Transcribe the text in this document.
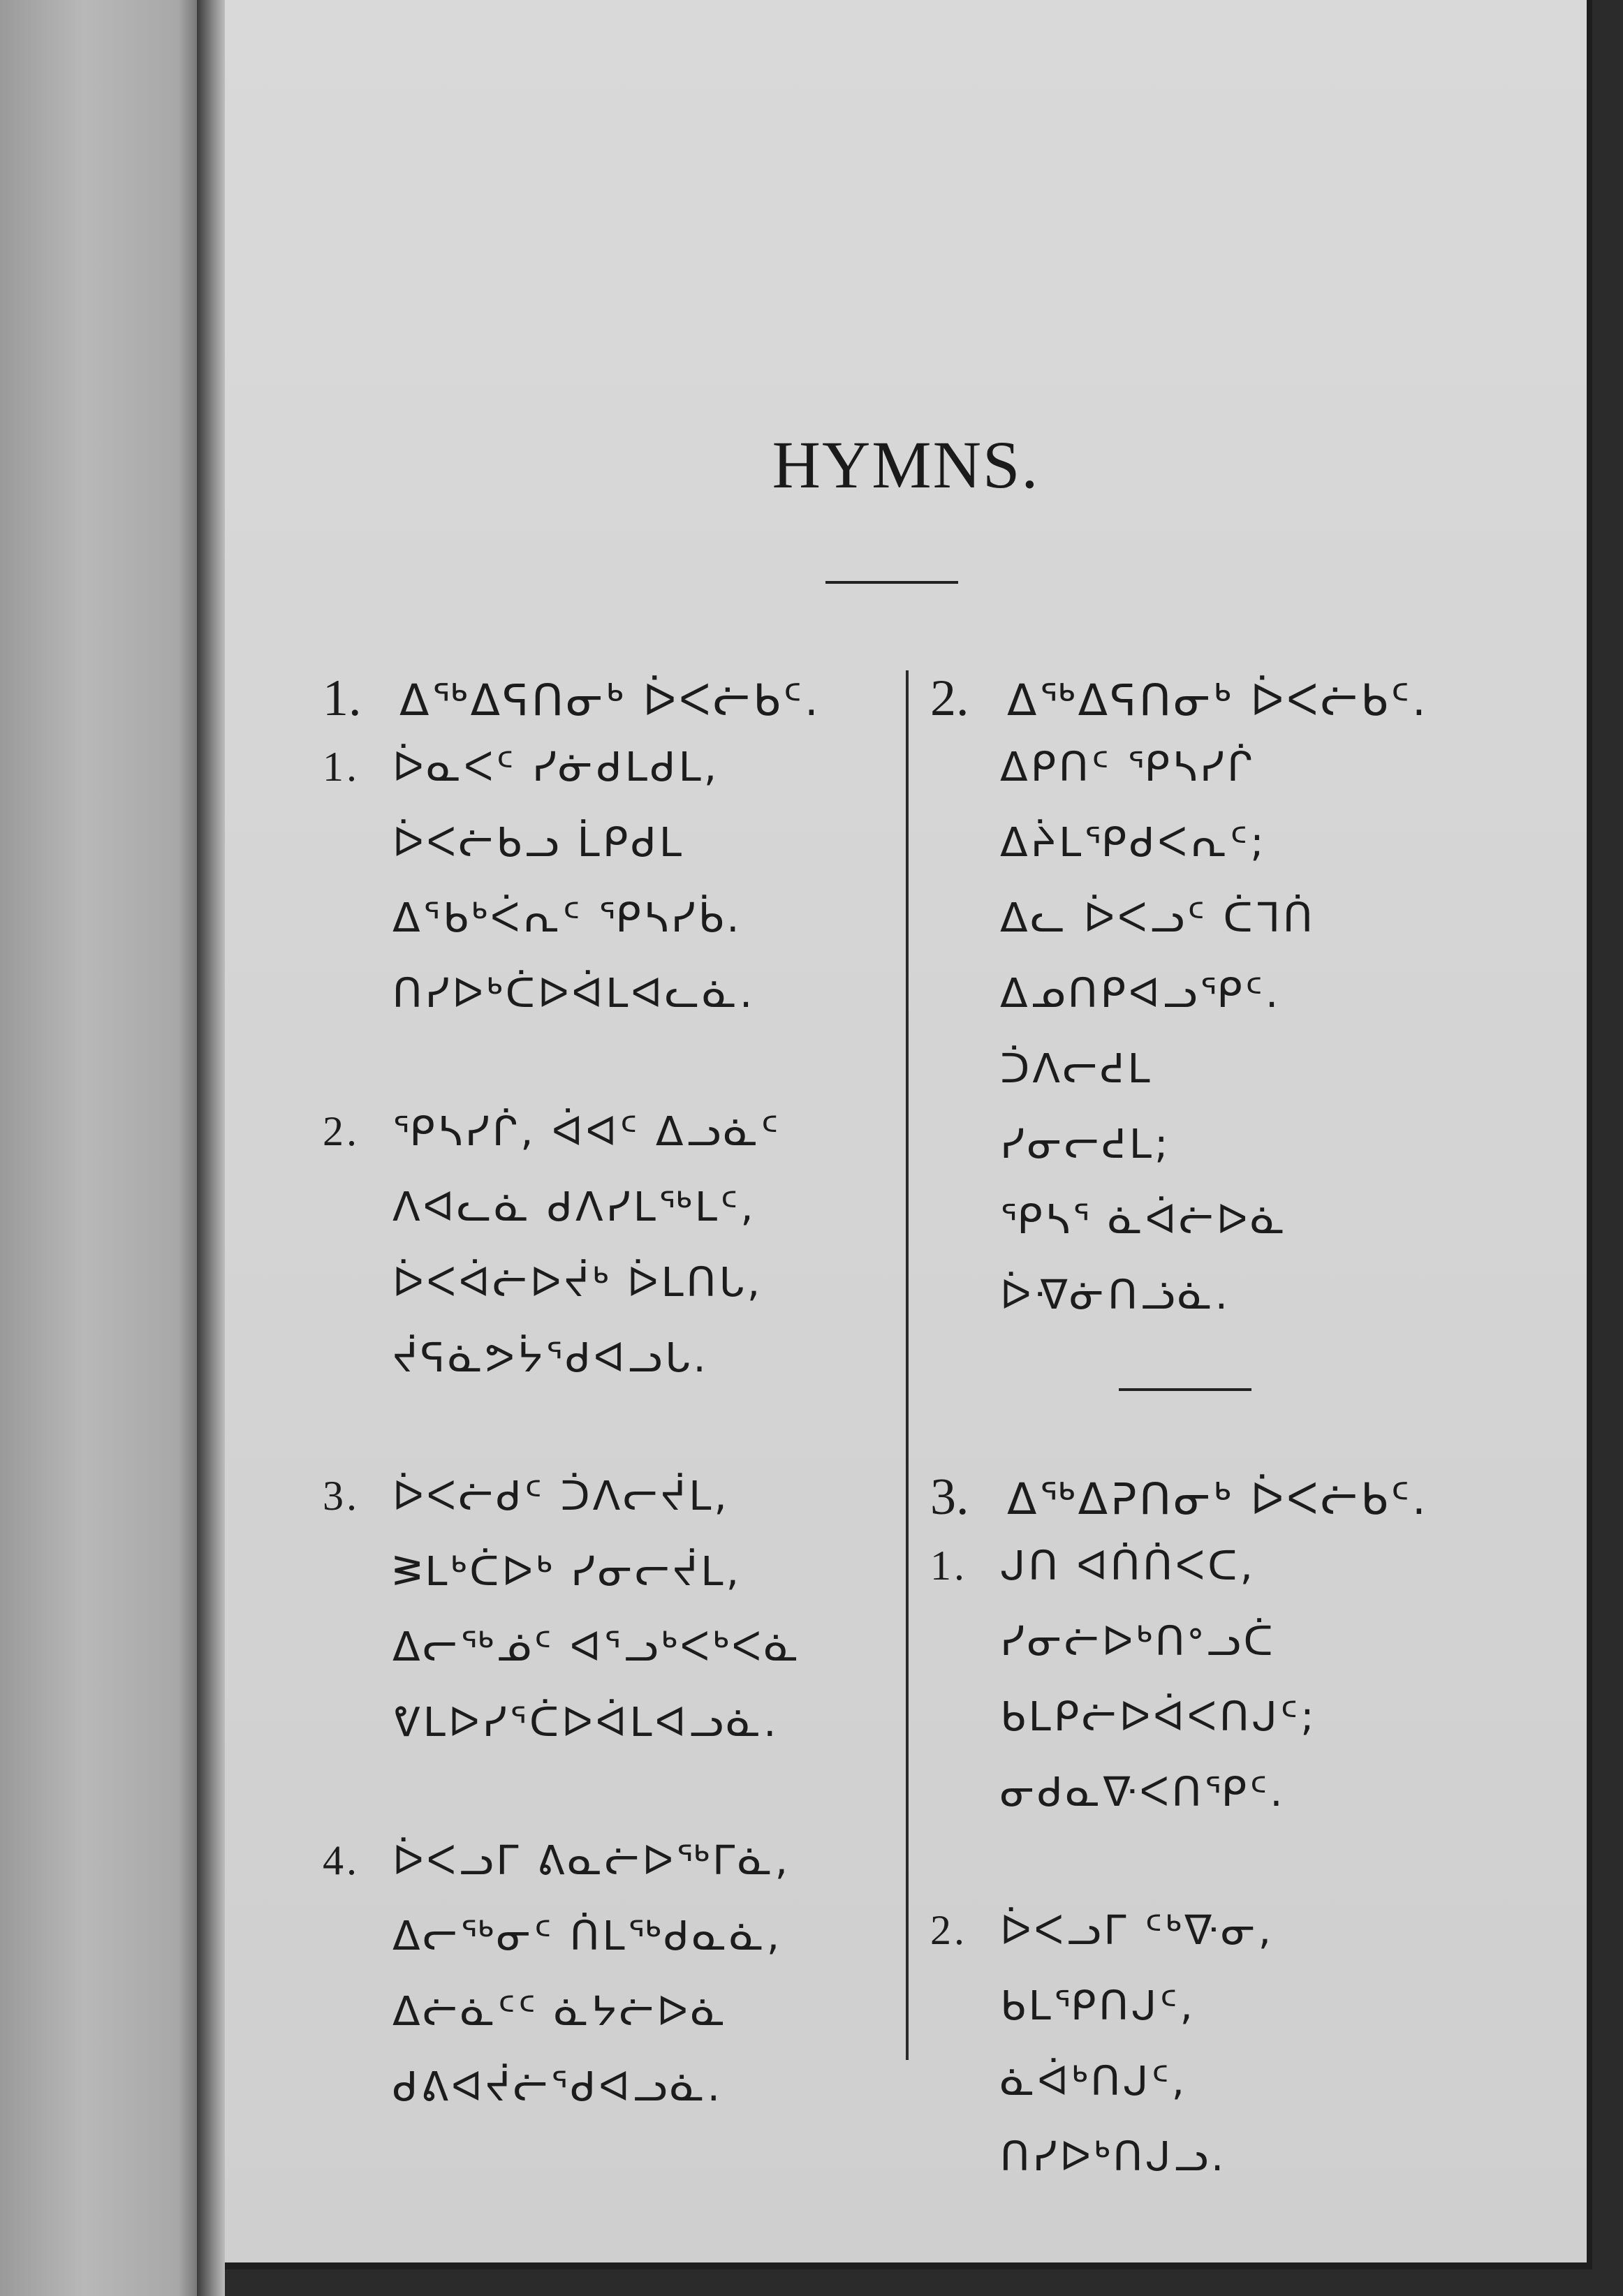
HYMNS.
1. ᐃᖅᐃᕋᑎᓂᒃ ᐆᐸᓖᑲᑦ.
1. ᐆᓇᐸᑦ ᓯᓃᑯᒪᑯᒪ,
ᐆᐸᓖᑲᓗ ᒫᑭᑯᒪ
ᐃᕐᑲᒃᐹᕆᑦ ᕿᓴᓯᑳ.
ᑎᓯᐅᒃᑖᐅᐋᒪᐊᓚᓈ.
2. ᕿᓴᓯᒌ, ᐋᐊᑦ ᐃᓗᓈᑦ
ᐱᐊᓚᓈ ᑯᐱᓯᒪᖅᒪᑦ,
ᐆᐸᐋᓖᐅᔫᒃ ᐆᒪᑎᒐ,
ᔫᕋᓈᕗᔮᕐᑯᐊᓗᒐ.
3. ᐆᐸᓖᑯᑦ ᑑᐱᓕᔫᒪ,
ᕒᒪᒃᑖᐅᒃ ᓯᓂᓕᔫᒪ,
ᐃᓕᖅᓅᑦ ᐊᕐᓗᒃᐸᒃᐸᓈ
ᕓᒪᐅᓯᕐᑖᐅᐋᒪᐊᓗᓈ.
4. ᐆᐸᓗᒥ ᕕᓇᓖᐅᖅᒥᓈ,
ᐃᓕᖅᓂᑦ ᑏᒪᖅᑯᓇᓈ,
ᐃᓖᓈᑦᑦ ᓈᔭᓖᐅᓈ
ᑯᕕᐊᔫᓖᕐᑯᐊᓗᓈ.
2. ᐃᖅᐃᕋᑎᓂᒃ ᐆᐸᓖᑲᑦ.
ᐃᑭᑎᑦ ᕿᓴᓯᒌ
ᐃᔩᒪᕿᑯᐸᕆᑦ;
ᐃᓚ ᐆᐸᓗᑦ ᑖᒣᑏ
ᐃᓄᑎᑭᐊᓗᕿᑦ.
ᑑᐱᓕᕍᒪ
ᓯᓂᓕᕍᒪ;
ᕿᓴᕐ ᓈᐋᓖᐅᓈ
ᐆᐌᓃᑎᓘᓈ.
3. ᐃᖅᐃᕈᑎᓂᒃ ᐆᐸᓖᑲᑦ.
1. ᒍᑎ ᐊᑏᑏᐸᑕ,
ᓯᓂᓖᐅᒃᑎᐤᓗᑖ
ᑲᒪᑭᓖᐅᐋᐸᑎᒍᑦ;
ᓂᑯᓇᐍᐸᑎᕿᑦ.
2. ᐆᐸᓗᒥ ᑦᒃᐍᓂ,
ᑲᒪᕿᑎᒍᑦ,
ᓈᐋᒃᑎᒍᑦ,
ᑎᓯᐅᒃᑎᒍᓗ.
